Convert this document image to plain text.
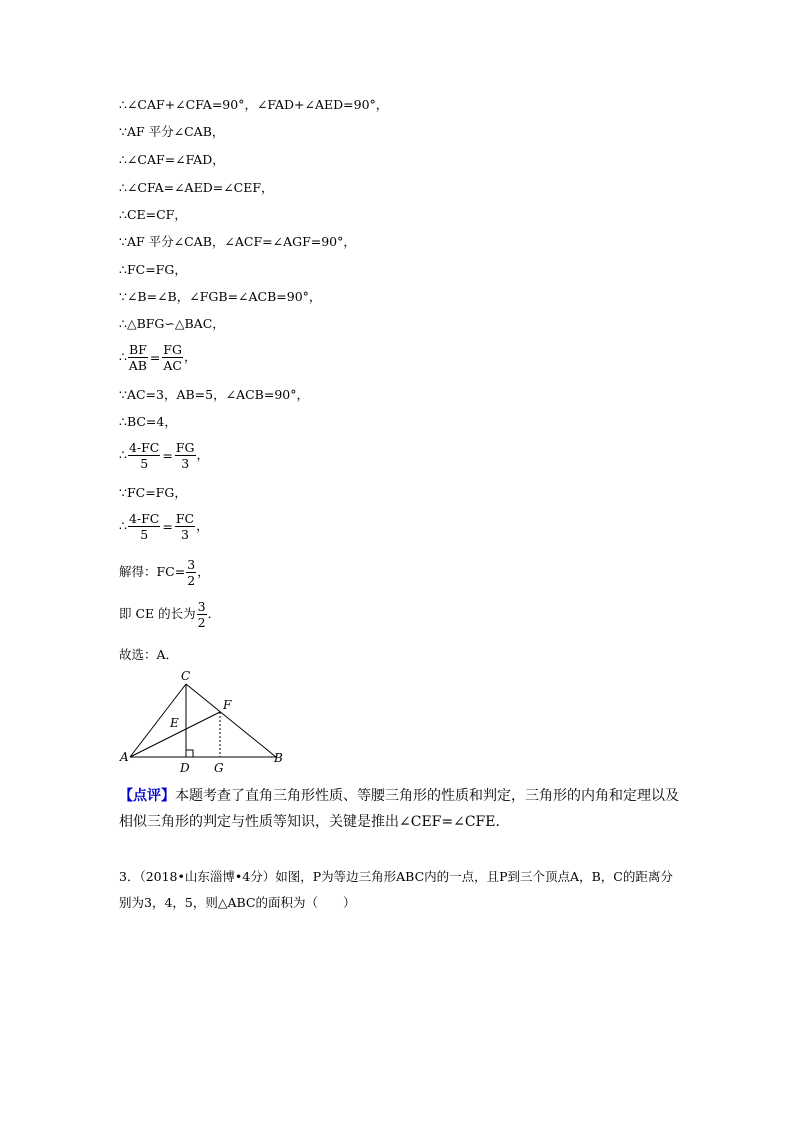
∴∠CAF+∠CFA=90°，∠FAD+∠AED=90°，
∵AF 平分∠CAB，
∴∠CAF=∠FAD，
∴∠CFA=∠AED=∠CEF，
∴CE=CF，
∵AF 平分∠CAB，∠ACF=∠AGF=90°，
∴FC=FG，
∵∠B=∠B，∠FGB=∠ACB=90°，
∴△BFG∽△BAC，
∴ $\frac{BF}{AB} = \frac{FG}{AC}$ ，
∵AC=3，AB=5，∠ACB=90°，
∴BC=4，
∴ $\frac{4-FC}{5} = \frac{FG}{3}$ ，
∵FC=FG，
∴ $\frac{4-FC}{5} = \frac{FC}{3}$ ，
解得：$FC= \frac{3}{2}$ ，
即 CE 的长为 $\frac{3}{2}$ ．
故选：A．
A	B
C
D
E
F
G
【点评】本题考查了直角三角形性质、等腰三角形的性质和判定，三角形的内角和定理以及相似三角形的判定与性质等知识，关键是推出∠CEF=∠CFE．
3．（2018•山东淄博•4分）如图，P为等边三角形ABC内的一点，且P到三个顶点A，B，C的距离分别为3，4，5，则△ABC的面积为（　　）
